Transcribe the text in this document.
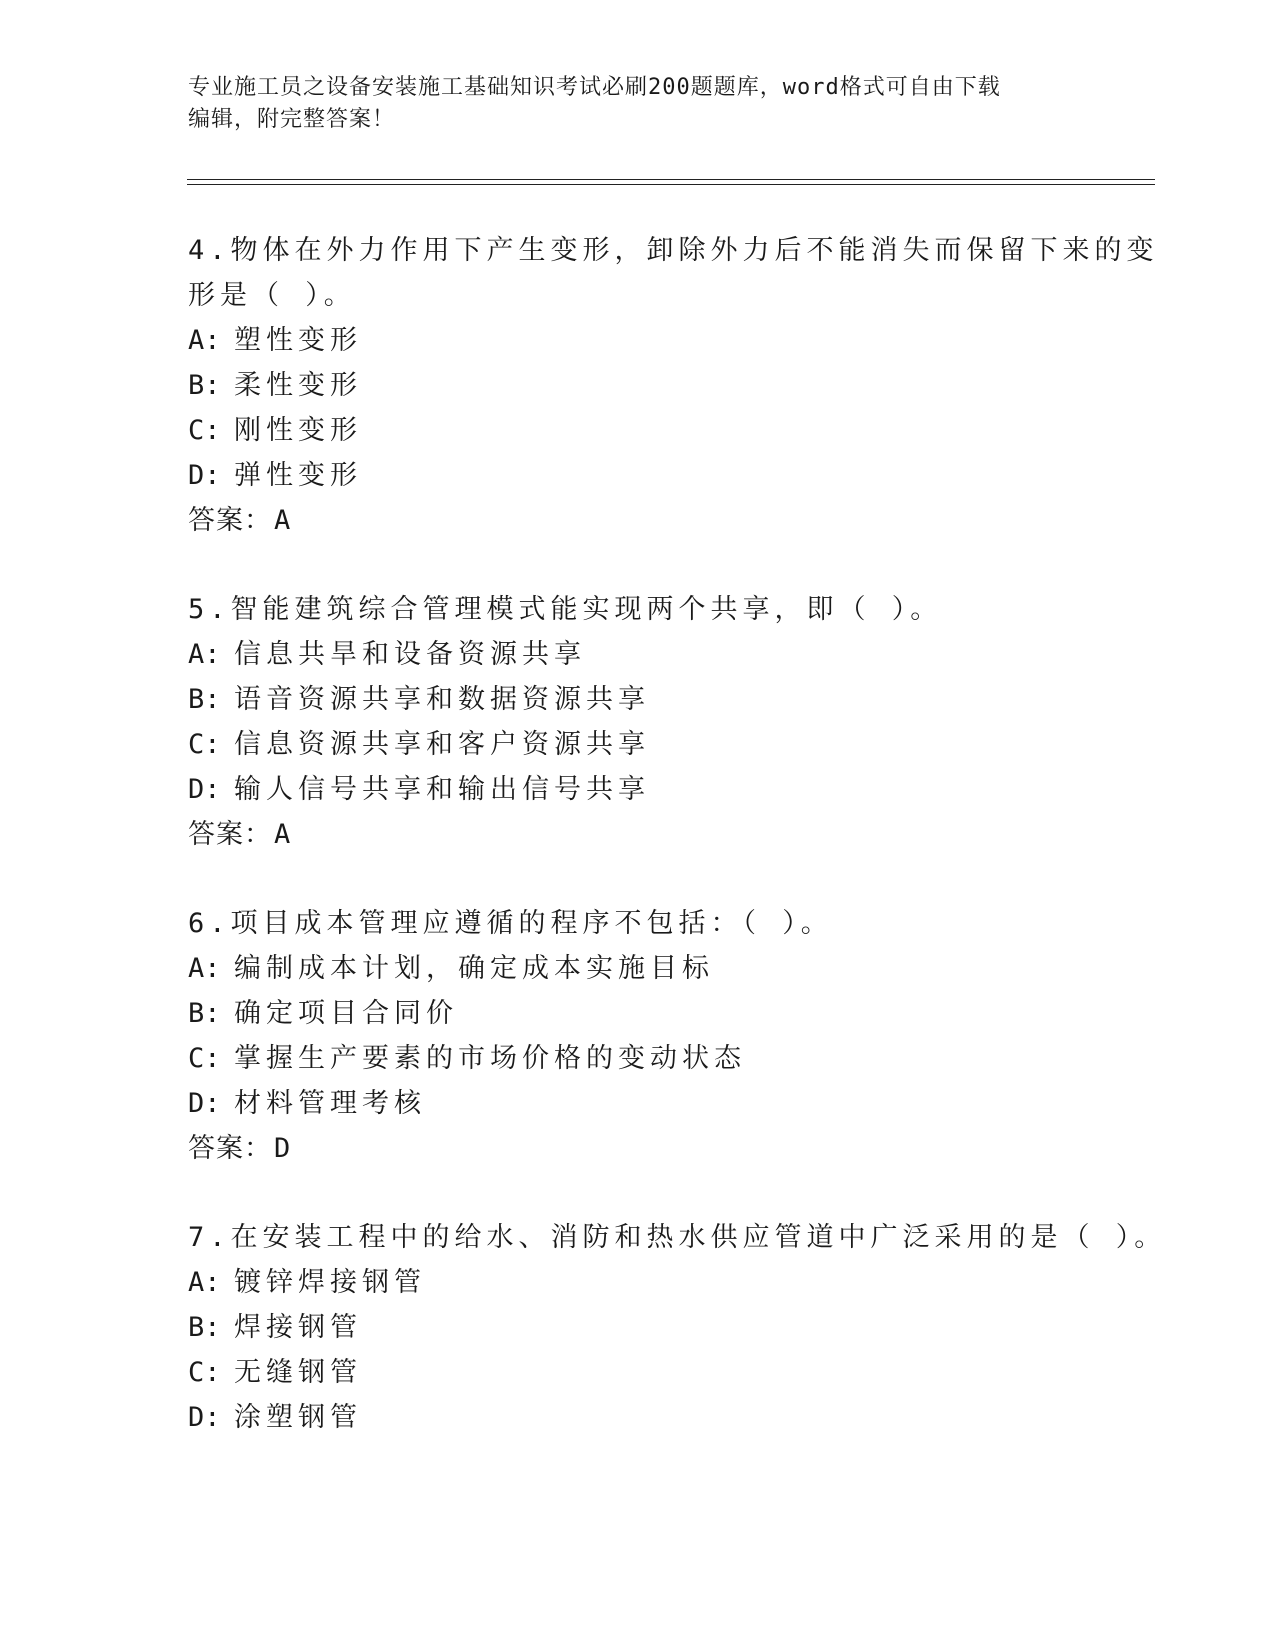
专业施工员之设备安装施工基础知识考试必刷200题题库，word格式可自由下载
编辑，附完整答案！
4.物体在外力作用下产生变形，卸除外力后不能消失而保留下来的变
形是（ ）。
A: 塑性变形
B: 柔性变形
C: 刚性变形
D: 弹性变形
答案：A
5.智能建筑综合管理模式能实现两个共享，即（ ）。
A: 信息共旱和设备资源共享
B: 语音资源共享和数据资源共享
C: 信息资源共享和客户资源共享
D: 输人信号共享和输出信号共享
答案：A
6.项目成本管理应遵循的程序不包括：（ ）。
A: 编制成本计划，确定成本实施目标
B: 确定项目合同价
C: 掌握生产要素的市场价格的变动状态
D: 材料管理考核
答案：D
7.在安装工程中的给水、消防和热水供应管道中广泛采用的是（ ）。
A: 镀锌焊接钢管
B: 焊接钢管
C: 无缝钢管
D: 涂塑钢管
